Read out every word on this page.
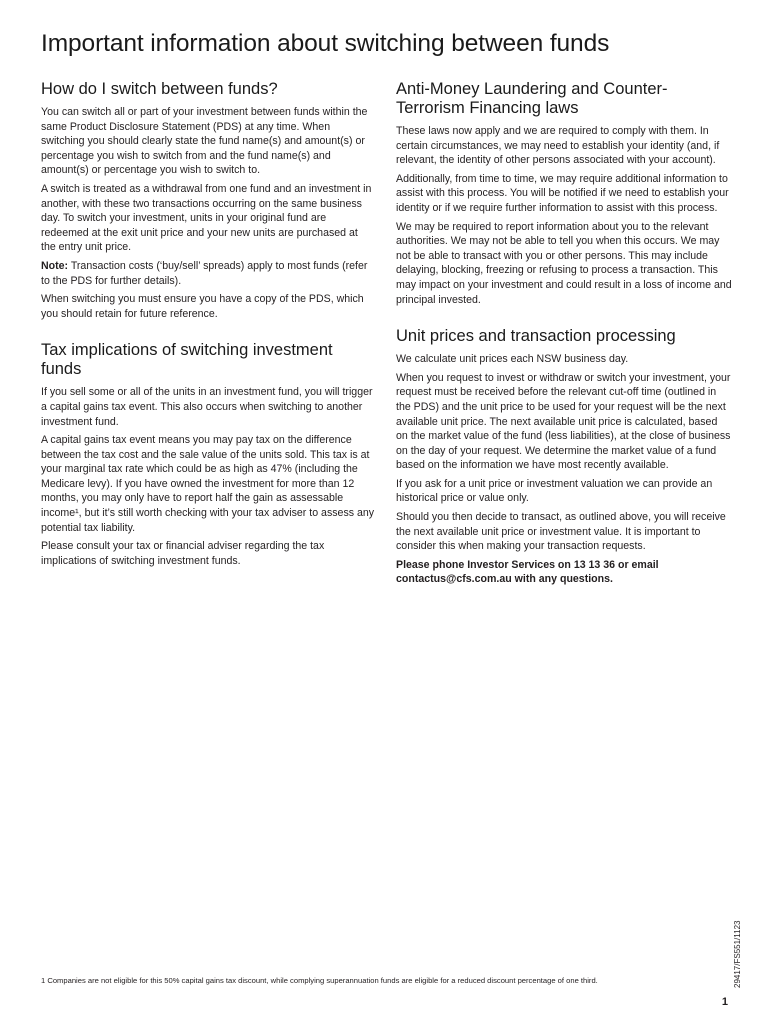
Important information about switching between funds
How do I switch between funds?

You can switch all or part of your investment between funds within the same Product Disclosure Statement (PDS) at any time. When switching you should clearly state the fund name(s) and amount(s) or percentage you wish to switch from and the fund name(s) and amount(s) or percentage you wish to switch to.

A switch is treated as a withdrawal from one fund and an investment in another, with these two transactions occurring on the same business day. To switch your investment, units in your original fund are redeemed at the exit unit price and your new units are purchased at the entry unit price.

Note: Transaction costs (‘buy/sell’ spreads) apply to most funds (refer to the PDS for further details).

When switching you must ensure you have a copy of the PDS, which you should retain for future reference.

Tax implications of switching investment funds

If you sell some or all of the units in an investment fund, you will trigger a capital gains tax event. This also occurs when switching to another investment fund.

A capital gains tax event means you may pay tax on the difference between the tax cost and the sale value of the units sold. This tax is at your marginal tax rate which could be as high as 47% (including the Medicare levy). If you have owned the investment for more than 12 months, you may only have to report half the gain as assessable income¹, but it’s still worth checking with your tax adviser to assess any potential tax liability.

Please consult your tax or financial adviser regarding the tax implications of switching investment funds.

Anti-Money Laundering and Counter-Terrorism Financing laws

These laws now apply and we are required to comply with them. In certain circumstances, we may need to establish your identity (and, if relevant, the identity of other persons associated with your account).

Additionally, from time to time, we may require additional information to assist with this process. You will be notified if we need to establish your identity or if we require further information to assist with this process.

We may be required to report information about you to the relevant authorities. We may not be able to tell you when this occurs. We may not be able to transact with you or other persons. This may include delaying, blocking, freezing or refusing to process a transaction. This may impact on your investment and could result in a loss of income and principal invested.

Unit prices and transaction processing

We calculate unit prices each NSW business day.

When you request to invest or withdraw or switch your investment, your request must be received before the relevant cut-off time (outlined in the PDS) and the unit price to be used for your request will be the next available unit price. The next available unit price is calculated, based on the market value of the fund (less liabilities), at the close of business on the day of your request. We determine the market value of a fund based on the information we have most recently available.

If you ask for a unit price or investment valuation we can provide an historical price or value only.

Should you then decide to transact, as outlined above, you will receive the next available unit price or investment value. It is important to consider this when making your transaction requests.

Please phone Investor Services on 13 13 36 or email contactus@cfs.com.au with any questions.

29417/FS551/1123
1 Companies are not eligible for this 50% capital gains tax discount, while complying superannuation funds are eligible for a reduced discount percentage of one third.
1
